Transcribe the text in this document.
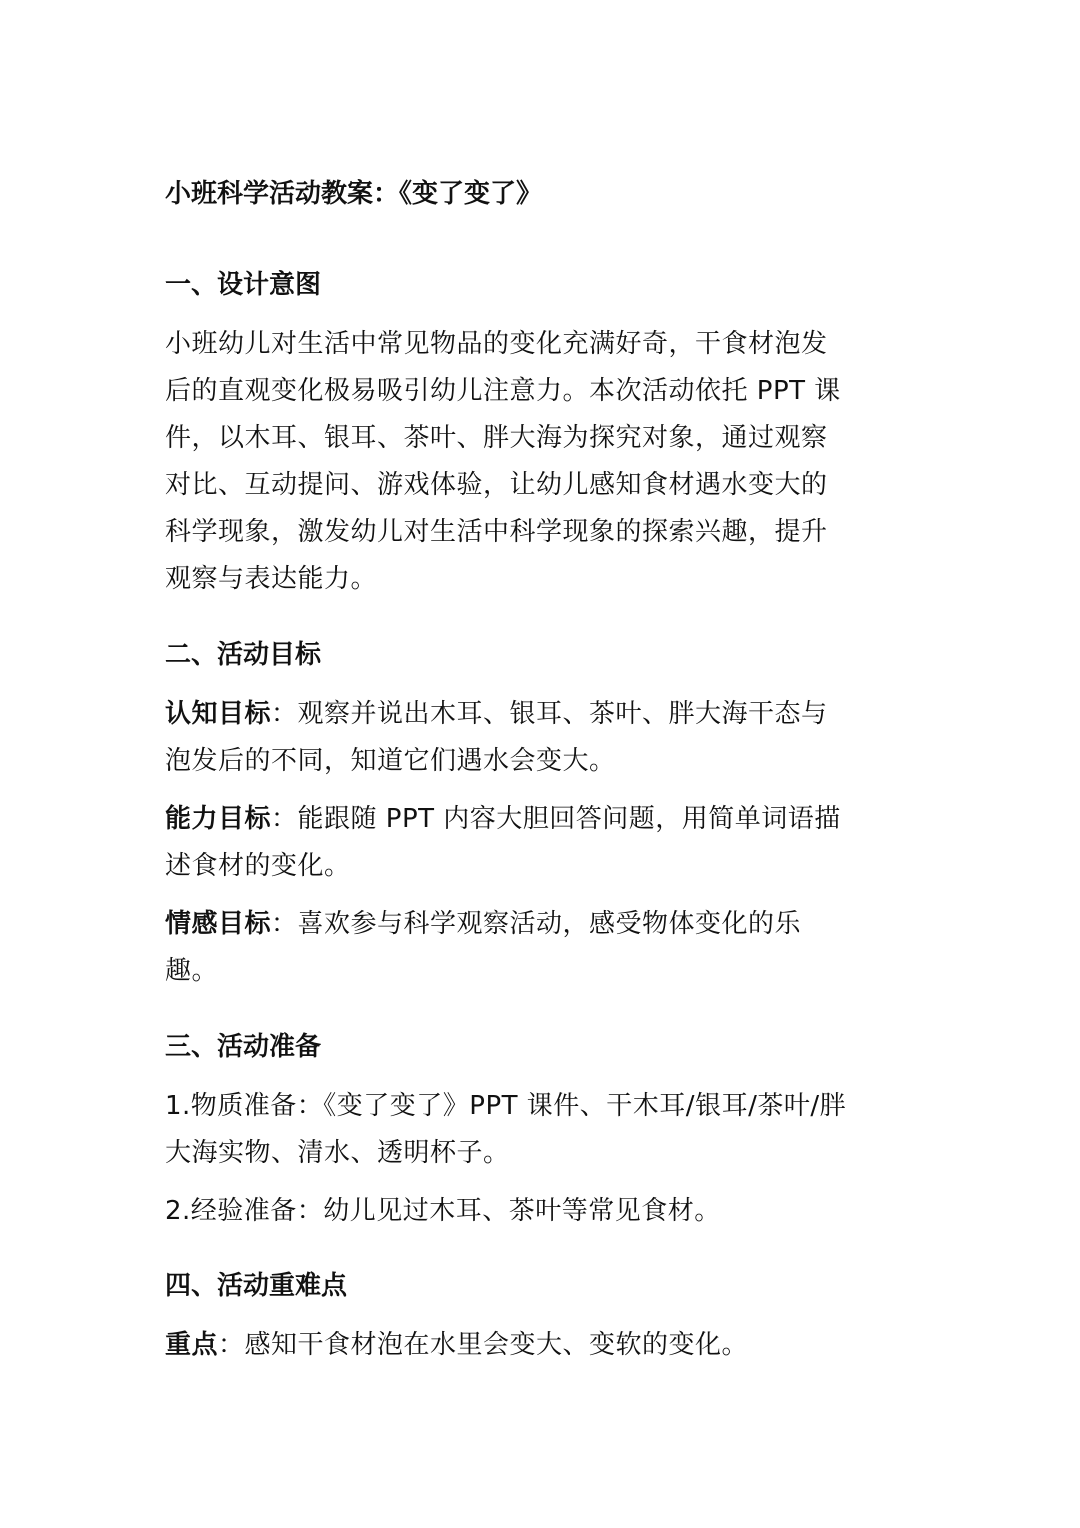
小班科学活动教案：《变了变了》
一、设计意图
小班幼儿对生活中常见物品的变化充满好奇，干食材泡发
后的直观变化极易吸引幼儿注意力。本次活动依托 PPT 课
件，以木耳、银耳、茶叶、胖大海为探究对象，通过观察
对比、互动提问、游戏体验，让幼儿感知食材遇水变大的
科学现象，激发幼儿对生活中科学现象的探索兴趣，提升
观察与表达能力。
二、活动目标
认知目标：观察并说出木耳、银耳、茶叶、胖大海干态与
泡发后的不同，知道它们遇水会变大。
能力目标：能跟随 PPT 内容大胆回答问题，用简单词语描
述食材的变化。
情感目标：喜欢参与科学观察活动，感受物体变化的乐
趣。
三、活动准备
1.物质准备：《变了变了》PPT 课件、干木耳/银耳/茶叶/胖
大海实物、清水、透明杯子。
2.经验准备：幼儿见过木耳、茶叶等常见食材。
四、活动重难点
重点：感知干食材泡在水里会变大、变软的变化。
